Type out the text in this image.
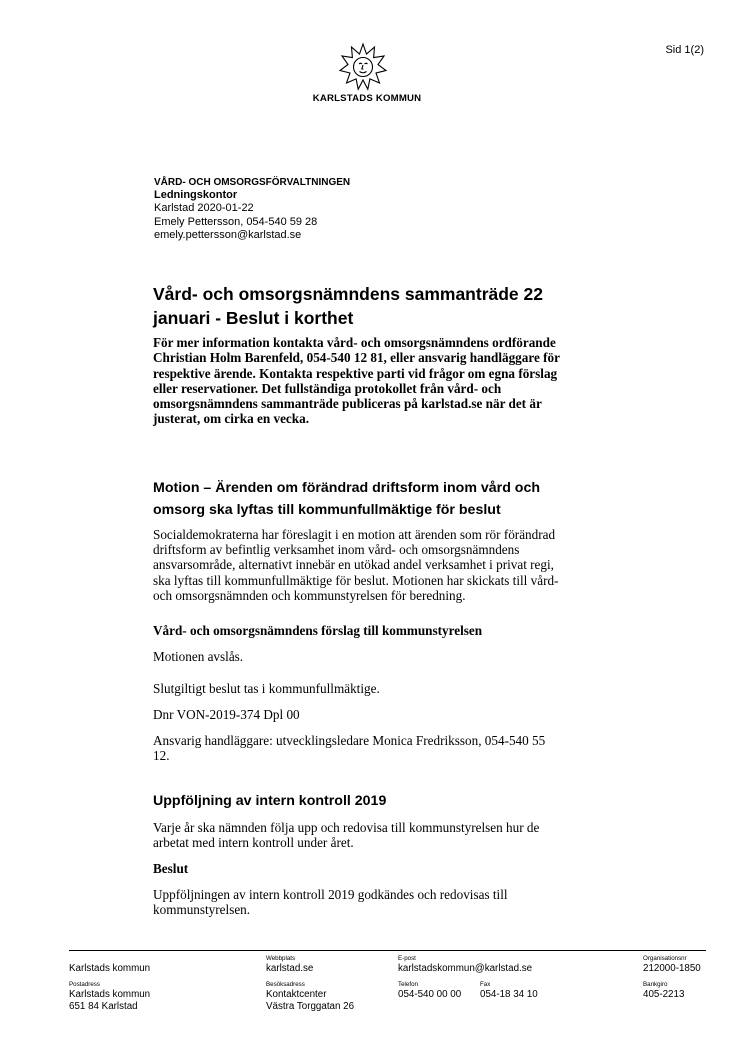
Sid 1(2)
KARLSTADS KOMMUN
VÅRD- OCH OMSORGSFÖRVALTNINGEN
Ledningskontor
Karlstad 2020-01-22
Emely Pettersson, 054-540 59 28
emely.pettersson@karlstad.se
Vård- och omsorgsnämndens sammanträde 22
januari - Beslut i korthet
För mer information kontakta vård- och omsorgsnämndens ordförande
Christian Holm Barenfeld, 054-540 12 81, eller ansvarig handläggare för
respektive ärende. Kontakta respektive parti vid frågor om egna förslag
eller reservationer. Det fullständiga protokollet från vård- och
omsorgsnämndens sammanträde publiceras på karlstad.se när det är
justerat, om cirka en vecka.
Motion – Ärenden om förändrad driftsform inom vård och
omsorg ska lyftas till kommunfullmäktige för beslut
Socialdemokraterna har föreslagit i en motion att ärenden som rör förändrad
driftsform av befintlig verksamhet inom vård- och omsorgsnämndens
ansvarsområde, alternativt innebär en utökad andel verksamhet i privat regi,
ska lyftas till kommunfullmäktige för beslut. Motionen har skickats till vård-
och omsorgsnämnden och kommunstyrelsen för beredning.
Vård- och omsorgsnämndens förslag till kommunstyrelsen
Motionen avslås.
Slutgiltigt beslut tas i kommunfullmäktige.
Dnr VON-2019-374 Dpl 00
Ansvarig handläggare: utvecklingsledare Monica Fredriksson, 054-540 55
12.
Uppföljning av intern kontroll 2019
Varje år ska nämnden följa upp och redovisa till kommunstyrelsen hur de
arbetat med intern kontroll under året.
Beslut
Uppföljningen av intern kontroll 2019 godkändes och redovisas till
kommunstyrelsen.
Karlstads kommun
Webbplats
karlstad.se
E-post
karlstadskommun@karlstad.se
Organisationsnr
212000-1850
Postadress
Karlstads kommun
651 84 Karlstad
Besöksadress
Kontaktcenter
Västra Torggatan 26
Telefon
054-540 00 00
Fax
054-18 34 10
Bankgiro
405-2213
